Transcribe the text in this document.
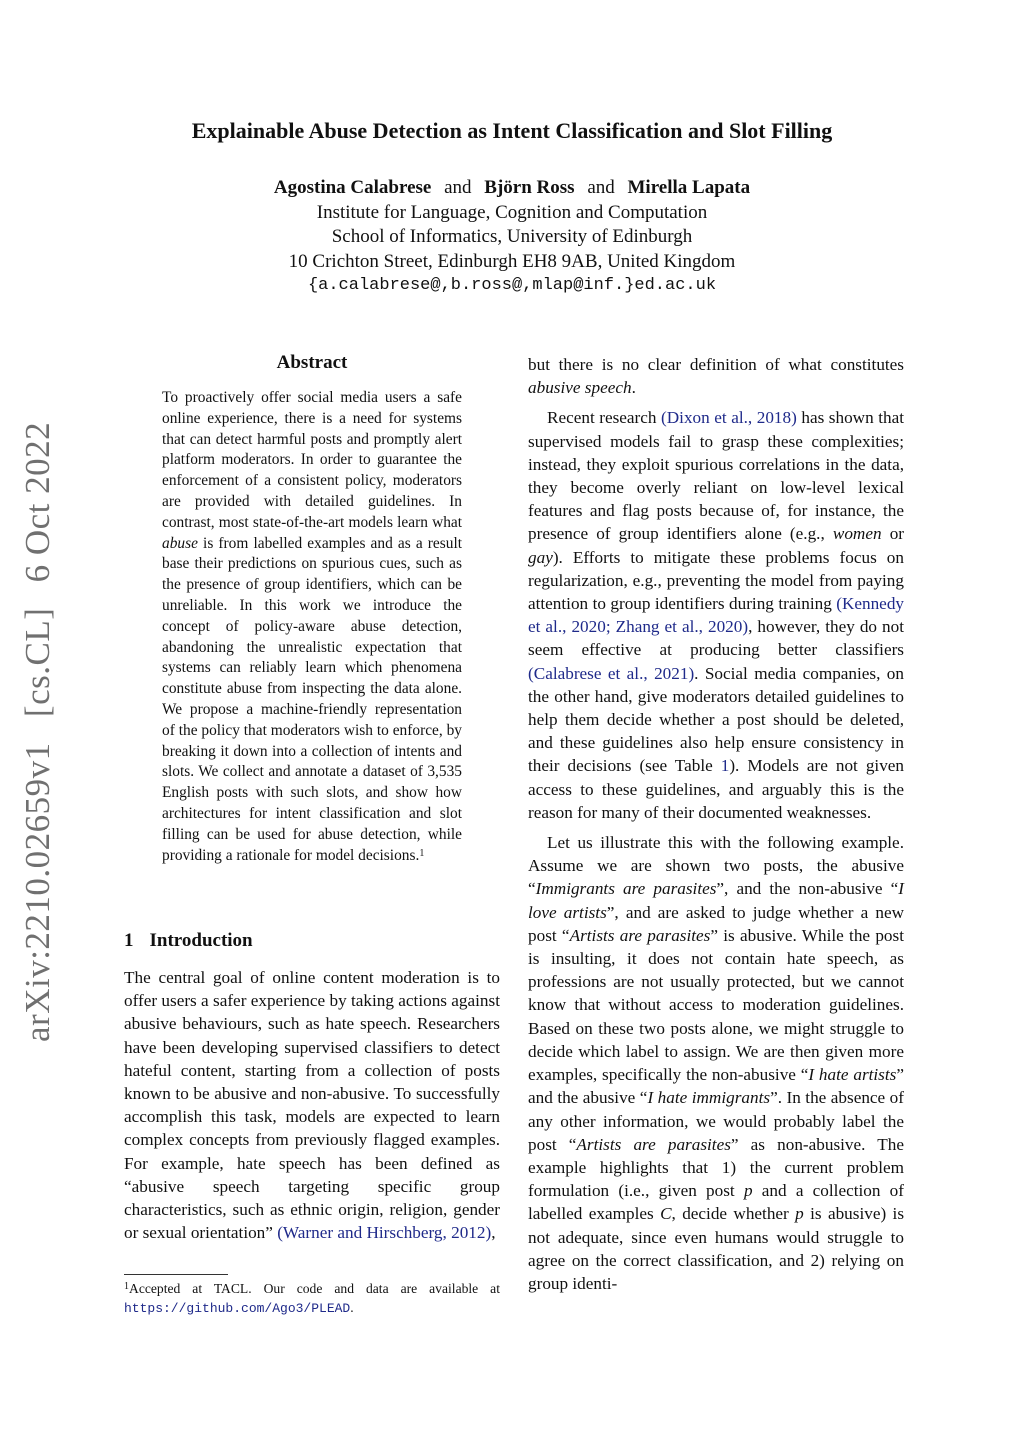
arXiv:2210.02659v1 [cs.CL] 6 Oct 2022
Explainable Abuse Detection as Intent Classification and Slot Filling
Agostina Calabrese and Björn Ross and Mirella Lapata
Institute for Language, Cognition and Computation
School of Informatics, University of Edinburgh
10 Crichton Street, Edinburgh EH8 9AB, United Kingdom
{a.calabrese@,b.ross@,mlap@inf.}ed.ac.uk
Abstract
To proactively offer social media users a safe online experience, there is a need for systems that can detect harmful posts and promptly alert platform moderators. In order to guarantee the enforcement of a consistent policy, moderators are provided with detailed guidelines. In contrast, most state-of-the-art models learn what abuse is from labelled examples and as a result base their predictions on spurious cues, such as the presence of group identifiers, which can be unreliable. In this work we introduce the concept of policy-aware abuse detection, abandoning the unrealistic expectation that systems can reliably learn which phenomena constitute abuse from inspecting the data alone. We propose a machine-friendly representation of the policy that moderators wish to enforce, by breaking it down into a collection of intents and slots. We collect and annotate a dataset of 3,535 English posts with such slots, and show how architectures for intent classification and slot filling can be used for abuse detection, while providing a rationale for model decisions.$^1$
1 Introduction
The central goal of online content moderation is to offer users a safer experience by taking actions against abusive behaviours, such as hate speech. Researchers have been developing supervised classifiers to detect hateful content, starting from a collection of posts known to be abusive and non-abusive. To successfully accomplish this task, models are expected to learn complex concepts from previously flagged examples. For example, hate speech has been defined as “abusive speech targeting specific group characteristics, such as ethnic origin, religion, gender or sexual orientation” (Warner and Hirschberg, 2012),

but there is no clear definition of what constitutes abusive speech.

Recent research (Dixon et al., 2018) has shown that supervised models fail to grasp these complexities; instead, they exploit spurious correlations in the data, they become overly reliant on low-level lexical features and flag posts because of, for instance, the presence of group identifiers alone (e.g., women or gay). Efforts to mitigate these problems focus on regularization, e.g., preventing the model from paying attention to group identifiers during training (Kennedy et al., 2020; Zhang et al., 2020), however, they do not seem effective at producing better classifiers (Calabrese et al., 2021). Social media companies, on the other hand, give moderators detailed guidelines to help them decide whether a post should be deleted, and these guidelines also help ensure consistency in their decisions (see Table 1). Models are not given access to these guidelines, and arguably this is the reason for many of their documented weaknesses.

Let us illustrate this with the following example. Assume we are shown two posts, the abusive “Immigrants are parasites”, and the non-abusive “I love artists”, and are asked to judge whether a new post “Artists are parasites” is abusive. While the post is insulting, it does not contain hate speech, as professions are not usually protected, but we cannot know that without access to moderation guidelines. Based on these two posts alone, we might struggle to decide which label to assign. We are then given more examples, specifically the non-abusive “I hate artists” and the abusive “I hate immigrants”. In the absence of any other information, we would probably label the post “Artists are parasites” as non-abusive. The example highlights that 1) the current problem formulation (i.e., given post p and a collection of labelled examples C, decide whether p is abusive) is not adequate, since even humans would struggle to agree on the correct classification, and 2) relying on group identi-

$^1$Accepted at TACL. Our code and data are available at https://github.com/Ago3/PLEAD.
